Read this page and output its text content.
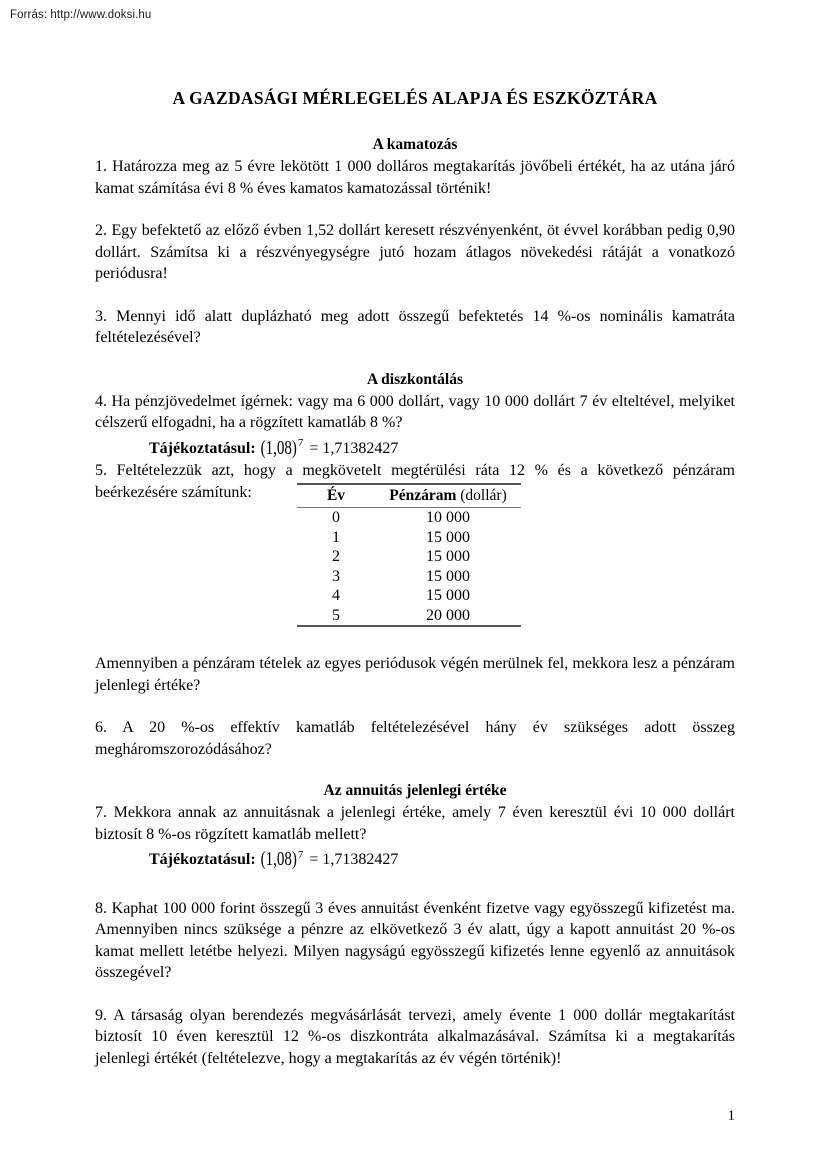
Forrás: http://www.doksi.hu
A GAZDASÁGI MÉRLEGELÉS ALAPJA ÉS ESZKÖZTÁRA
A kamatozás

1. Határozza meg az 5 évre lekötött 1 000 dolláros megtakarítás jövőbeli értékét, ha az utána járó kamat számítása évi 8 % éves kamatos kamatozással történik!

2. Egy befektető az előző évben 1,52 dollárt keresett részvényenként, öt évvel korábban pedig 0,90 dollárt. Számítsa ki a részvényegységre jutó hozam átlagos növekedési rátáját a vonatkozó periódusra!

3. Mennyi idő alatt duplázható meg adott összegű befektetés 14 %-os nominális kamatráta feltételezésével?

A diszkontálás

4. Ha pénzjövedelmet ígérnek: vagy ma 6 000 dollárt, vagy 10 000 dollárt 7 év elteltével, melyiket célszerű elfogadni, ha a rögzített kamatláb 8 %?

Tájékoztatásul: $(1,08)^7 = 1,71382427$

5. Feltételezzük azt, hogy a megkövetelt megtérülési ráta 12 % és a következő pénzáram beérkezésére számítunk:	Év	Pénzáram (dollár)
0	10 000
1	15 000
2	15 000
3	15 000
4	15 000
5	20 000

Amennyiben a pénzáram tételek az egyes periódusok végén merülnek fel, mekkora lesz a pénzáram jelenlegi értéke?

6. A 20 %-os effektív kamatláb feltételezésével hány év szükséges adott összeg megháromszorozódásához?

Az annuitás jelenlegi értéke

7. Mekkora annak az annuitásnak a jelenlegi értéke, amely 7 éven keresztül évi 10 000 dollárt biztosít 8 %-os rögzített kamatláb mellett?

Tájékoztatásul: $(1,08)^7 = 1,71382427$

8. Kaphat 100 000 forint összegű 3 éves annuitást évenként fizetve vagy egyösszegű kifizetést ma. Amennyiben nincs szüksége a pénzre az elkövetkező 3 év alatt, úgy a kapott annuitást 20 %-os kamat mellett letétbe helyezi. Milyen nagyságú egyösszegű kifizetés lenne egyenlő az annuitások összegével?

9. A társaság olyan berendezés megvásárlását tervezi, amely évente 1 000 dollár megtakarítást biztosít 10 éven keresztül 12 %-os diszkontráta alkalmazásával. Számítsa ki a megtakarítás jelenlegi értékét (feltételezve, hogy a megtakarítás az év végén történik)!

1
